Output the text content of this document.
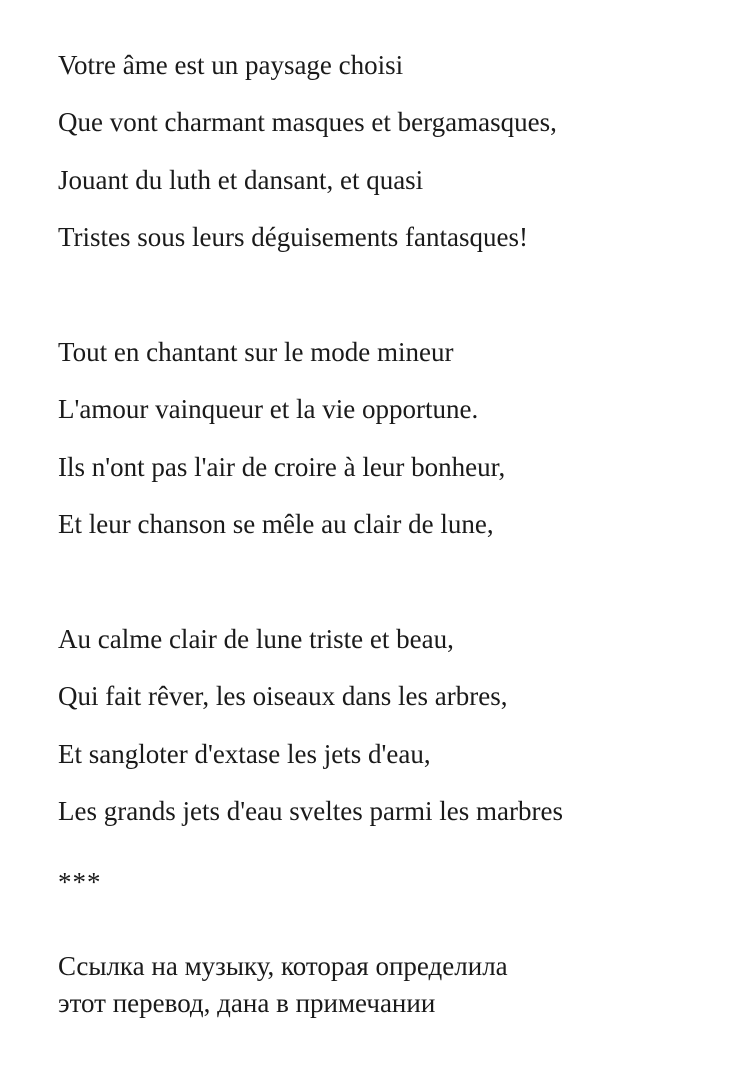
Votre âme est un paysage choisi
Que vont charmant masques et bergamasques,
Jouant du luth et dansant, et quasi
Tristes sous leurs déguisements fantasques!
Tout en chantant sur le mode mineur
L'amour vainqueur et la vie opportune.
Ils n'ont pas l'air de croire à leur bonheur,
Et leur chanson se mêle au clair de lune,
Au calme clair de lune triste et beau,
Qui fait rêver, les oiseaux dans les arbres,
Et sangloter d'extase les jets d'eau,
Les grands jets d'eau sveltes parmi les marbres
***
Ссылка на музыку, которая определила
этот перевод, дана в примечании
